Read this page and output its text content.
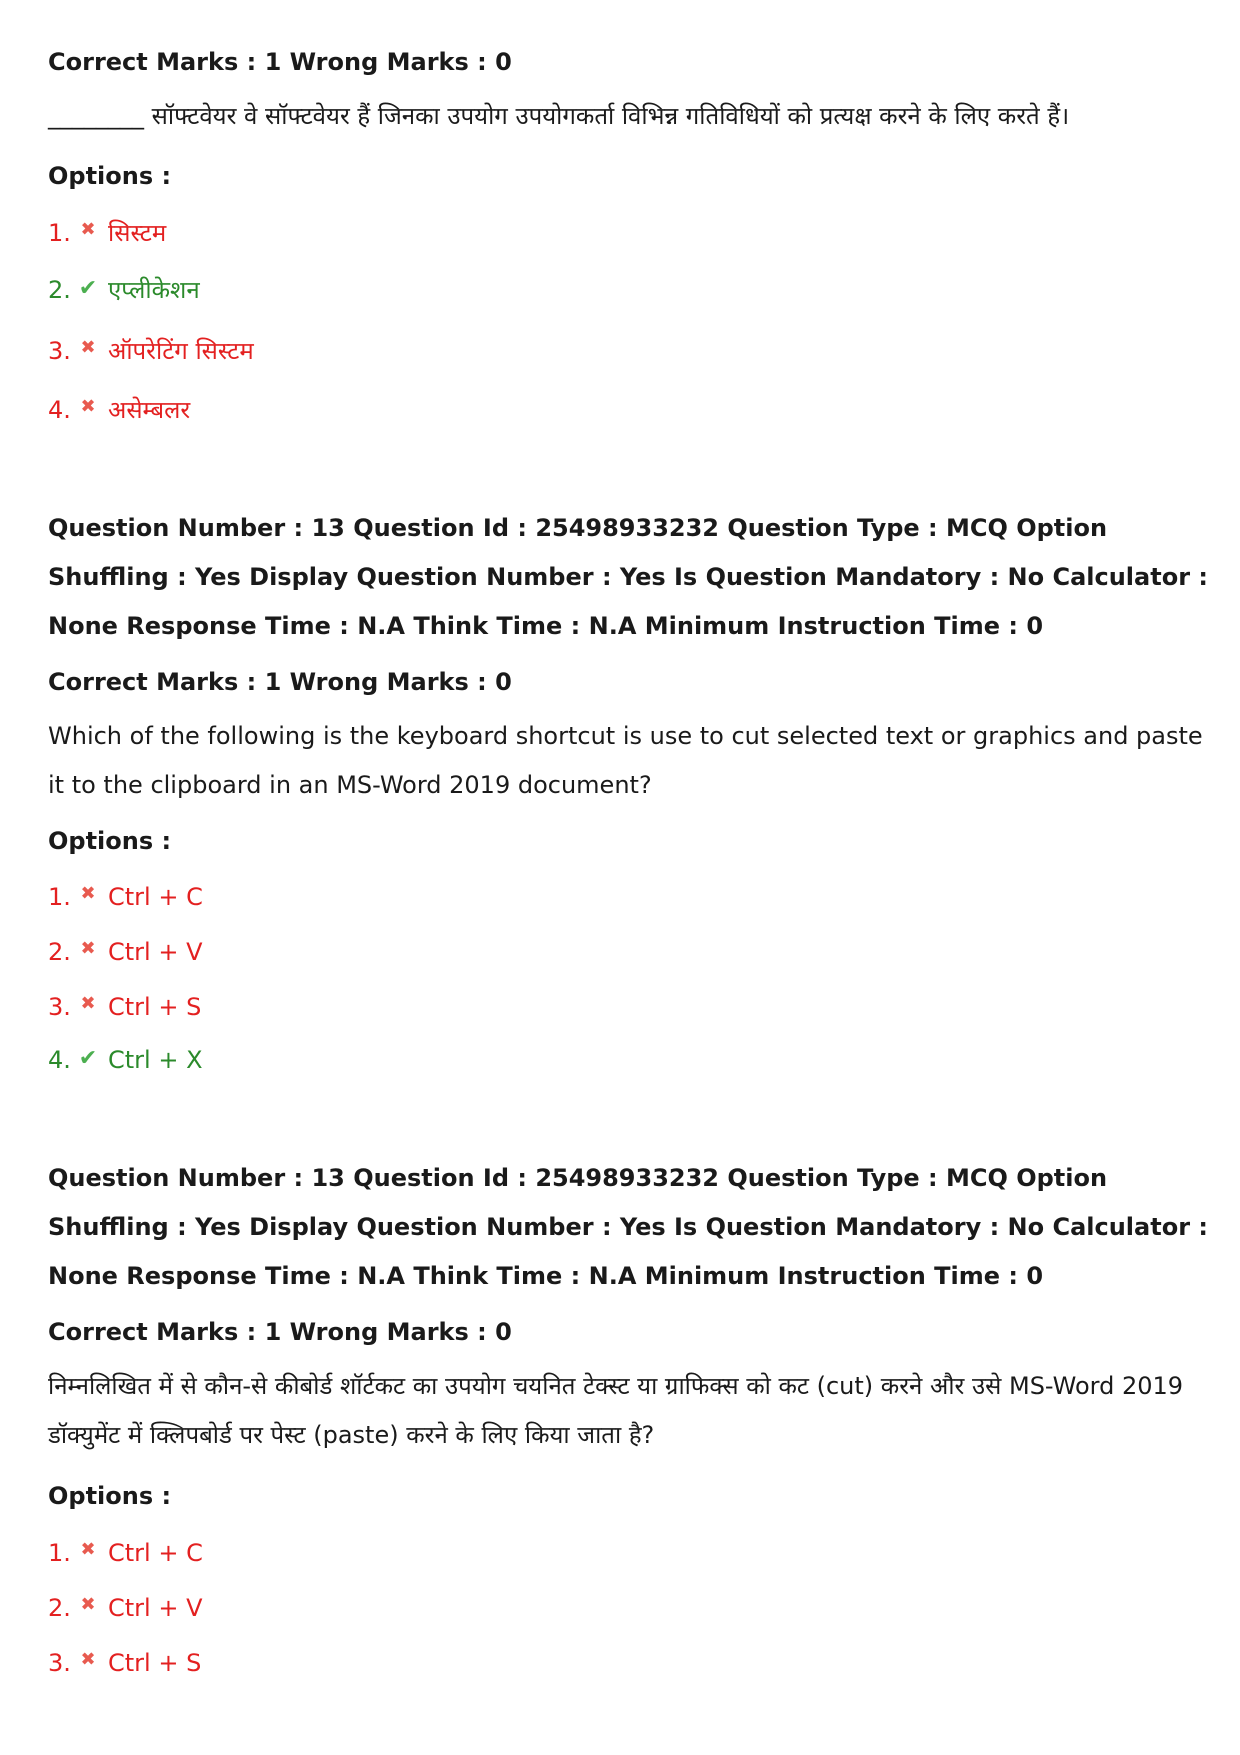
Correct Marks : 1 Wrong Marks : 0
________ सॉफ्टवेयर वे सॉफ्टवेयर हैं जिनका उपयोग उपयोगकर्ता विभिन्न गतिविधियों को प्रत्यक्ष करने के लिए करते हैं।
Options :
1. ✖ सिस्टम
2. ✔ एप्लीकेशन
3. ✖ ऑपरेटिंग सिस्टम
4. ✖ असेम्बलर
Question Number : 13 Question Id : 25498933232 Question Type : MCQ Option Shuffling : Yes Display Question Number : Yes Is Question Mandatory : No Calculator : None Response Time : N.A Think Time : N.A Minimum Instruction Time : 0
Correct Marks : 1 Wrong Marks : 0
Which of the following is the keyboard shortcut is use to cut selected text or graphics and paste it to the clipboard in an MS-Word 2019 document?
Options :
1. ✖ Ctrl + C
2. ✖ Ctrl + V
3. ✖ Ctrl + S
4. ✔ Ctrl + X
Question Number : 13 Question Id : 25498933232 Question Type : MCQ Option Shuffling : Yes Display Question Number : Yes Is Question Mandatory : No Calculator : None Response Time : N.A Think Time : N.A Minimum Instruction Time : 0
Correct Marks : 1 Wrong Marks : 0
निम्नलिखित में से कौन-से कीबोर्ड शॉर्टकट का उपयोग चयनित टेक्स्ट या ग्राफिक्स को कट (cut) करने और उसे MS-Word 2019 डॉक्युमेंट में क्लिपबोर्ड पर पेस्ट (paste) करने के लिए किया जाता है?
Options :
1. ✖ Ctrl + C
2. ✖ Ctrl + V
3. ✖ Ctrl + S
